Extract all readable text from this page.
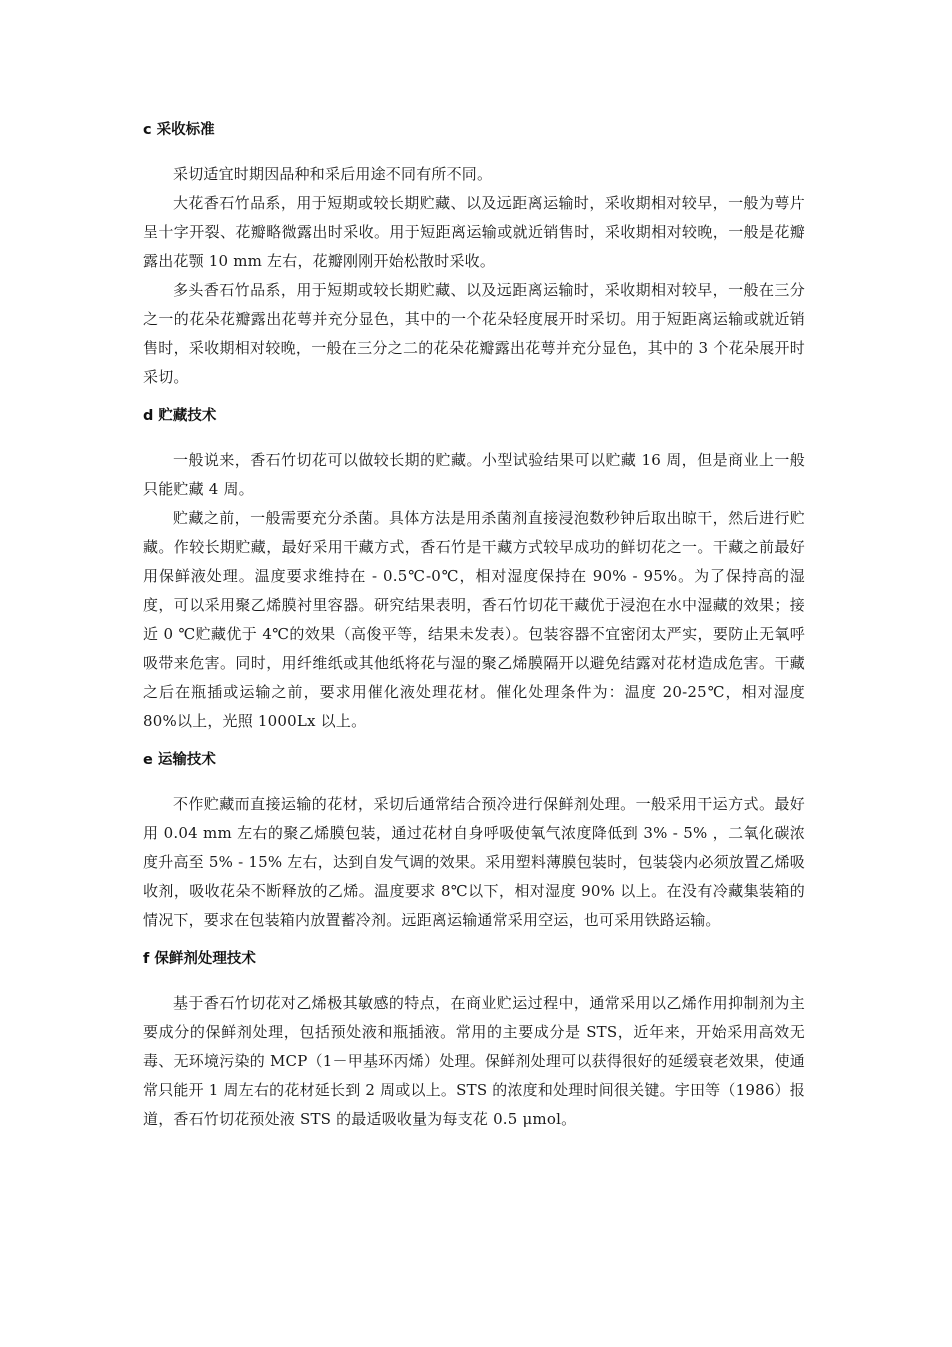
c 采收标准

采切适宜时期因品种和采后用途不同有所不同。

大花香石竹品系，用于短期或较长期贮藏、以及远距离运输时，采收期相对较早，一般为萼片呈十字开裂、花瓣略微露出时采收。用于短距离运输或就近销售时，采收期相对较晚，一般是花瓣露出花颚 10 mm 左右，花瓣刚刚开始松散时采收。

多头香石竹品系，用于短期或较长期贮藏、以及远距离运输时，采收期相对较早，一般在三分之一的花朵花瓣露出花萼并充分显色，其中的一个花朵轻度展开时采切。用于短距离运输或就近销售时，采收期相对较晚，一般在三分之二的花朵花瓣露出花萼并充分显色，其中的 3 个花朵展开时采切。

d 贮藏技术

一般说来，香石竹切花可以做较长期的贮藏。小型试验结果可以贮藏 16 周，但是商业上一般只能贮藏 4 周。

贮藏之前，一般需要充分杀菌。具体方法是用杀菌剂直接浸泡数秒钟后取出晾干，然后进行贮藏。作较长期贮藏，最好采用干藏方式，香石竹是干藏方式较早成功的鲜切花之一。干藏之前最好用保鲜液处理。温度要求维持在 - 0.5℃-0℃，相对湿度保持在 90% - 95%。为了保持高的湿度，可以采用聚乙烯膜衬里容器。研究结果表明，香石竹切花干藏优于浸泡在水中湿藏的效果；接近 0 ℃贮藏优于 4℃的效果（高俊平等，结果未发表）。包装容器不宜密闭太严实，要防止无氧呼吸带来危害。同时，用纤维纸或其他纸将花与湿的聚乙烯膜隔开以避免结露对花材造成危害。干藏之后在瓶插或运输之前，要求用催化液处理花材。催化处理条件为：温度 20-25℃，相对湿度 80%以上，光照 1000Lx 以上。

e 运输技术

不作贮藏而直接运输的花材，采切后通常结合预冷进行保鲜剂处理。一般采用干运方式。最好用 0.04 mm 左右的聚乙烯膜包装，通过花材自身呼吸使氧气浓度降低到 3% - 5% ，二氧化碳浓度升高至 5% - 15% 左右，达到自发气调的效果。采用塑料薄膜包装时，包装袋内必须放置乙烯吸收剂，吸收花朵不断释放的乙烯。温度要求 8℃以下，相对湿度 90% 以上。在没有冷藏集装箱的情况下，要求在包装箱内放置蓄冷剂。远距离运输通常采用空运，也可采用铁路运输。

f 保鲜剂处理技术

基于香石竹切花对乙烯极其敏感的特点，在商业贮运过程中，通常采用以乙烯作用抑制剂为主要成分的保鲜剂处理，包括预处液和瓶插液。常用的主要成分是 STS，近年来，开始采用高效无毒、无环境污染的 MCP（1－甲基环丙烯）处理。保鲜剂处理可以获得很好的延缓衰老效果，使通常只能开 1 周左右的花材延长到 2 周或以上。STS 的浓度和处理时间很关键。宇田等（1986）报道，香石竹切花预处液 STS 的最适吸收量为每支花 0.5 μmol。
